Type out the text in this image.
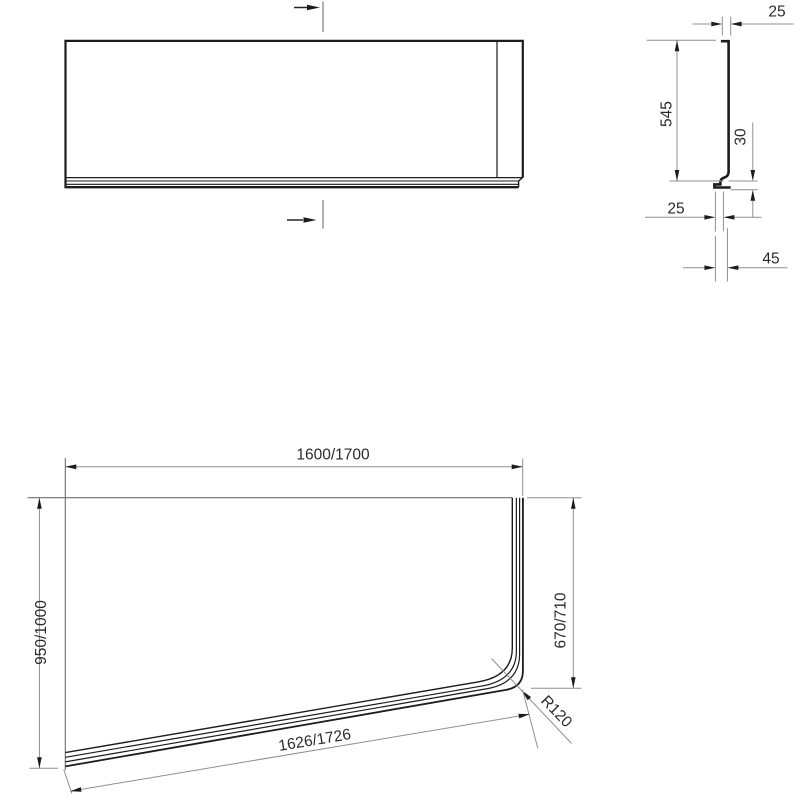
25
545
30
25
45
R120
1600/1700
950/1000	670/710
1626/1726
